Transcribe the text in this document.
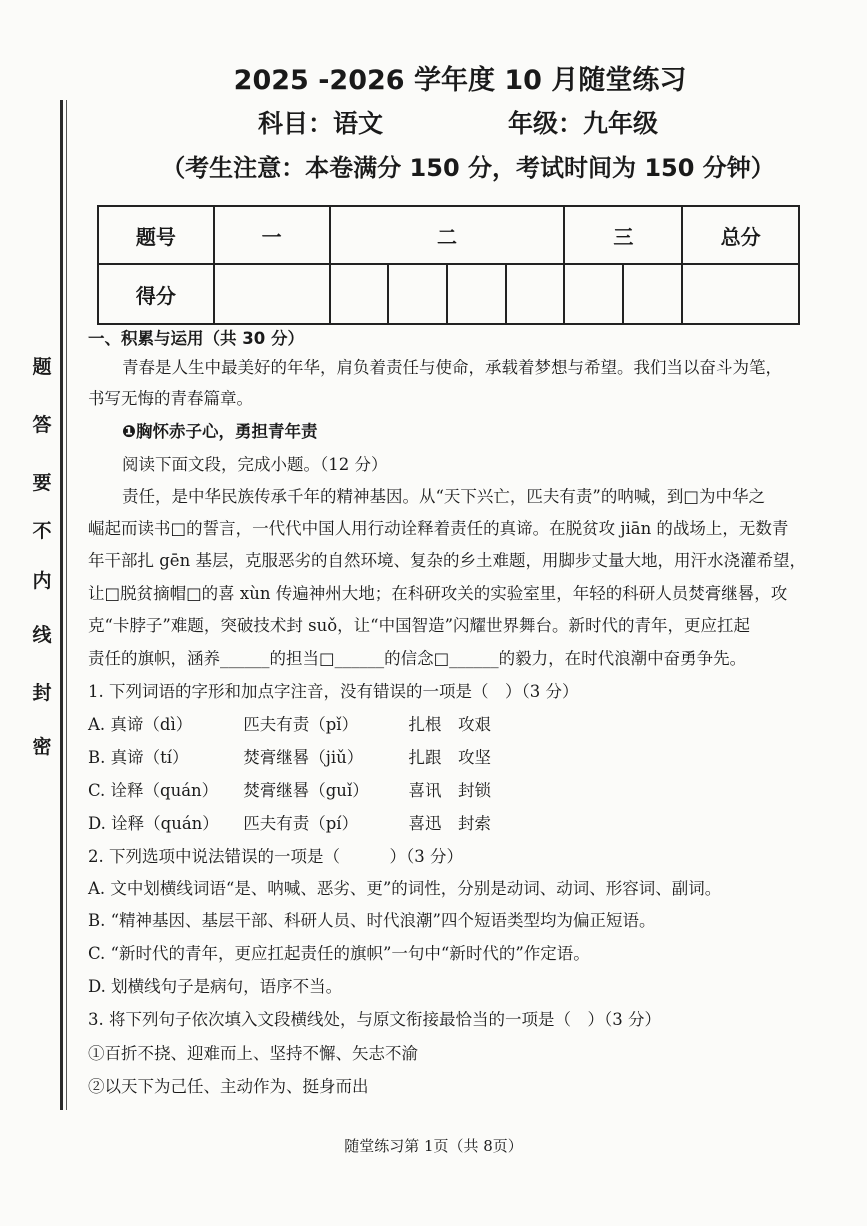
题
答
要
不
内
线
封
密
2025 -2026 学年度 10 月随堂练习
科目：语文	年级：九年级
（考生注意：本卷满分 150 分，考试时间为 150 分钟）
题号	一	二				三		总分
得分								
一、积累与运用（共 30 分）
青春是人生中最美好的年华，肩负着责任与使命，承载着梦想与希望。我们当以奋斗为笔，
书写无悔的青春篇章。
❶胸怀赤子心，勇担青年责
阅读下面文段，完成小题。（12 分）
责任，是中华民族传承千年的精神基因。从“天下兴亡，匹夫有责”的呐喊，到□为中华之
崛起而读书□的誓言，一代代中国人用行动诠释着责任的真谛。在脱贫攻 jiān 的战场上，无数青
年干部扎 gēn 基层，克服恶劣的自然环境、复杂的乡土难题，用脚步丈量大地，用汗水浇灌希望，
让□脱贫摘帽□的喜 xùn 传遍神州大地；在科研攻关的实验室里，年轻的科研人员焚膏继晷，攻
克“卡脖子”难题，突破技术封 suǒ，让“中国智造”闪耀世界舞台。新时代的青年，更应扛起
责任的旗帜，涵养______的担当□______的信念□______的毅力，在时代浪潮中奋勇争先。
1. 下列词语的字形和加点字注音，没有错误的一项是（　）（3 分）
A. 真谛（dì）	匹夫有责（pǐ）	扎根　攻艰
B. 真谛（tí）	焚膏继晷（jiǔ）	扎跟　攻坚
C. 诠释（quán） 焚膏继晷（guǐ） 喜讯　封锁
D. 诠释（quán） 匹夫有责（pí）	喜迅　封索
2. 下列选项中说法错误的一项是（　　　）（3 分）
A. 文中划横线词语“是、呐喊、恶劣、更”的词性，分别是动词、动词、形容词、副词。
B. “精神基因、基层干部、科研人员、时代浪潮”四个短语类型均为偏正短语。
C. “新时代的青年，更应扛起责任的旗帜”一句中“新时代的”作定语。
D. 划横线句子是病句，语序不当。
3. 将下列句子依次填入文段横线处，与原文衔接最恰当的一项是（　）（3 分）
①百折不挠、迎难而上、坚持不懈、矢志不渝
②以天下为己任、主动作为、挺身而出
随堂练习第 1页（共 8页）
